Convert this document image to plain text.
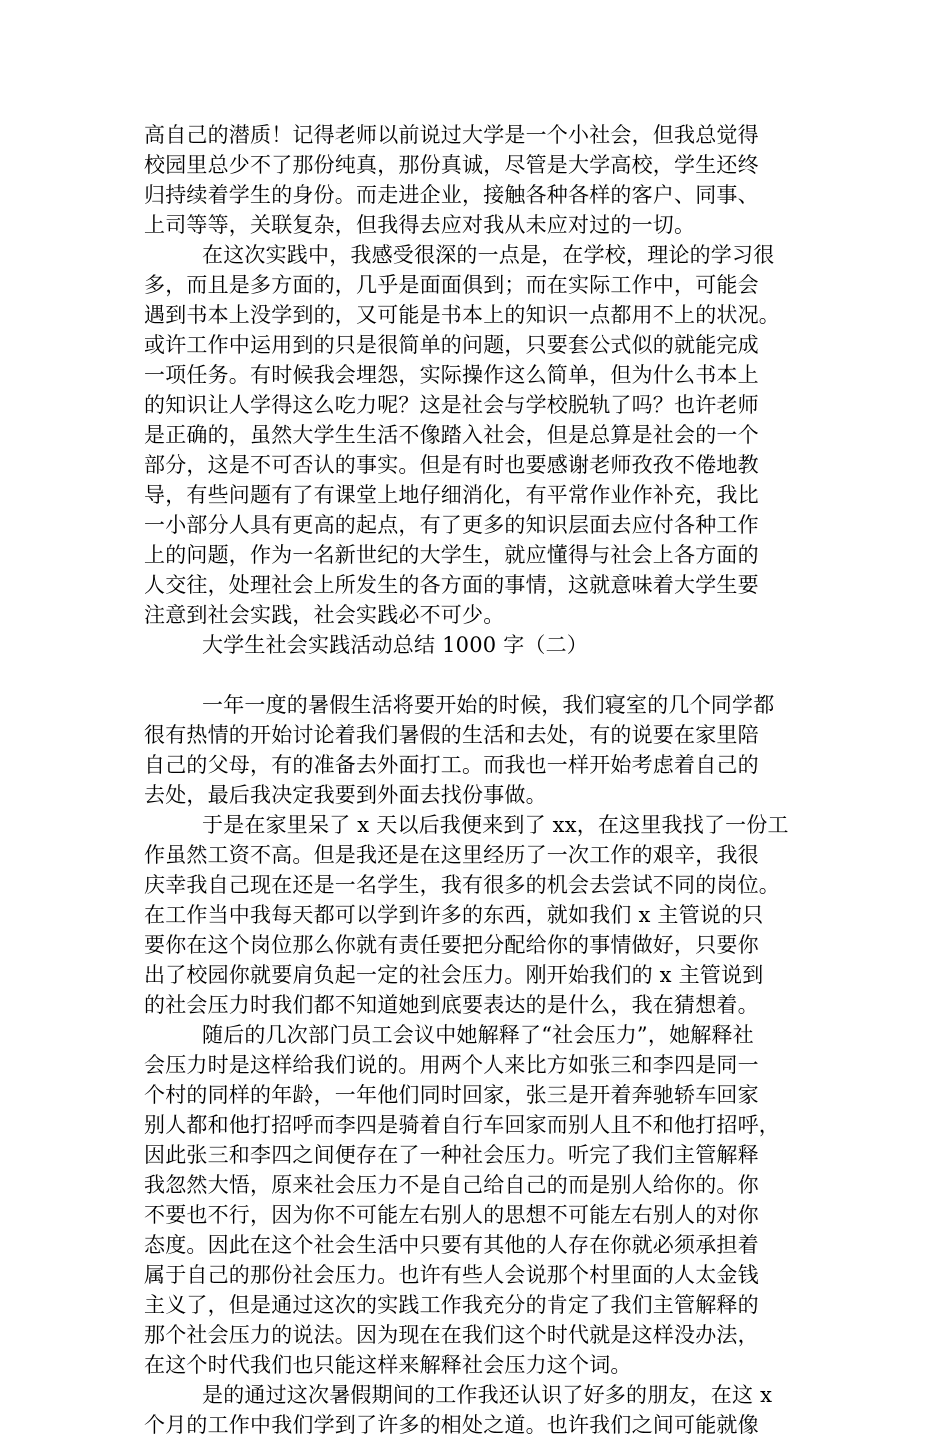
高自己的潜质！记得老师以前说过大学是一个小社会，但我总觉得
校园里总少不了那份纯真，那份真诚，尽管是大学高校，学生还终
归持续着学生的身份。而走进企业，接触各种各样的客户、同事、
上司等等，关联复杂，但我得去应对我从未应对过的一切。
在这次实践中，我感受很深的一点是，在学校，理论的学习很
多，而且是多方面的，几乎是面面俱到；而在实际工作中，可能会
遇到书本上没学到的，又可能是书本上的知识一点都用不上的状况。
或许工作中运用到的只是很简单的问题，只要套公式似的就能完成
一项任务。有时候我会埋怨，实际操作这么简单，但为什么书本上
的知识让人学得这么吃力呢？这是社会与学校脱轨了吗？也许老师
是正确的，虽然大学生生活不像踏入社会，但是总算是社会的一个
部分，这是不可否认的事实。但是有时也要感谢老师孜孜不倦地教
导，有些问题有了有课堂上地仔细消化，有平常作业作补充，我比
一小部分人具有更高的起点，有了更多的知识层面去应付各种工作
上的问题，作为一名新世纪的大学生，就应懂得与社会上各方面的
人交往，处理社会上所发生的各方面的事情，这就意味着大学生要
注意到社会实践，社会实践必不可少。
大学生社会实践活动总结 1000 字（二）
一年一度的暑假生活将要开始的时候，我们寝室的几个同学都
很有热情的开始讨论着我们暑假的生活和去处，有的说要在家里陪
自己的父母，有的准备去外面打工。而我也一样开始考虑着自己的
去处，最后我决定我要到外面去找份事做。
于是在家里呆了 x 天以后我便来到了 xx，在这里我找了一份工
作虽然工资不高。但是我还是在这里经历了一次工作的艰辛，我很
庆幸我自己现在还是一名学生，我有很多的机会去尝试不同的岗位。
在工作当中我每天都可以学到许多的东西，就如我们 x 主管说的只
要你在这个岗位那么你就有责任要把分配给你的事情做好，只要你
出了校园你就要肩负起一定的社会压力。刚开始我们的 x 主管说到
的社会压力时我们都不知道她到底要表达的是什么，我在猜想着。
随后的几次部门员工会议中她解释了“社会压力”，她解释社
会压力时是这样给我们说的。用两个人来比方如张三和李四是同一
个村的同样的年龄，一年他们同时回家，张三是开着奔驰轿车回家
别人都和他打招呼而李四是骑着自行车回家而别人且不和他打招呼，
因此张三和李四之间便存在了一种社会压力。听完了我们主管解释
我忽然大悟，原来社会压力不是自己给自己的而是别人给你的。你
不要也不行，因为你不可能左右别人的思想不可能左右别人的对你
态度。因此在这个社会生活中只要有其他的人存在你就必须承担着
属于自己的那份社会压力。也许有些人会说那个村里面的人太金钱
主义了，但是通过这次的实践工作我充分的肯定了我们主管解释的
那个社会压力的说法。因为现在在我们这个时代就是这样没办法，
在这个时代我们也只能这样来解释社会压力这个词。
是的通过这次暑假期间的工作我还认识了好多的朋友，在这 x
个月的工作中我们学到了许多的相处之道。也许我们之间可能就像
